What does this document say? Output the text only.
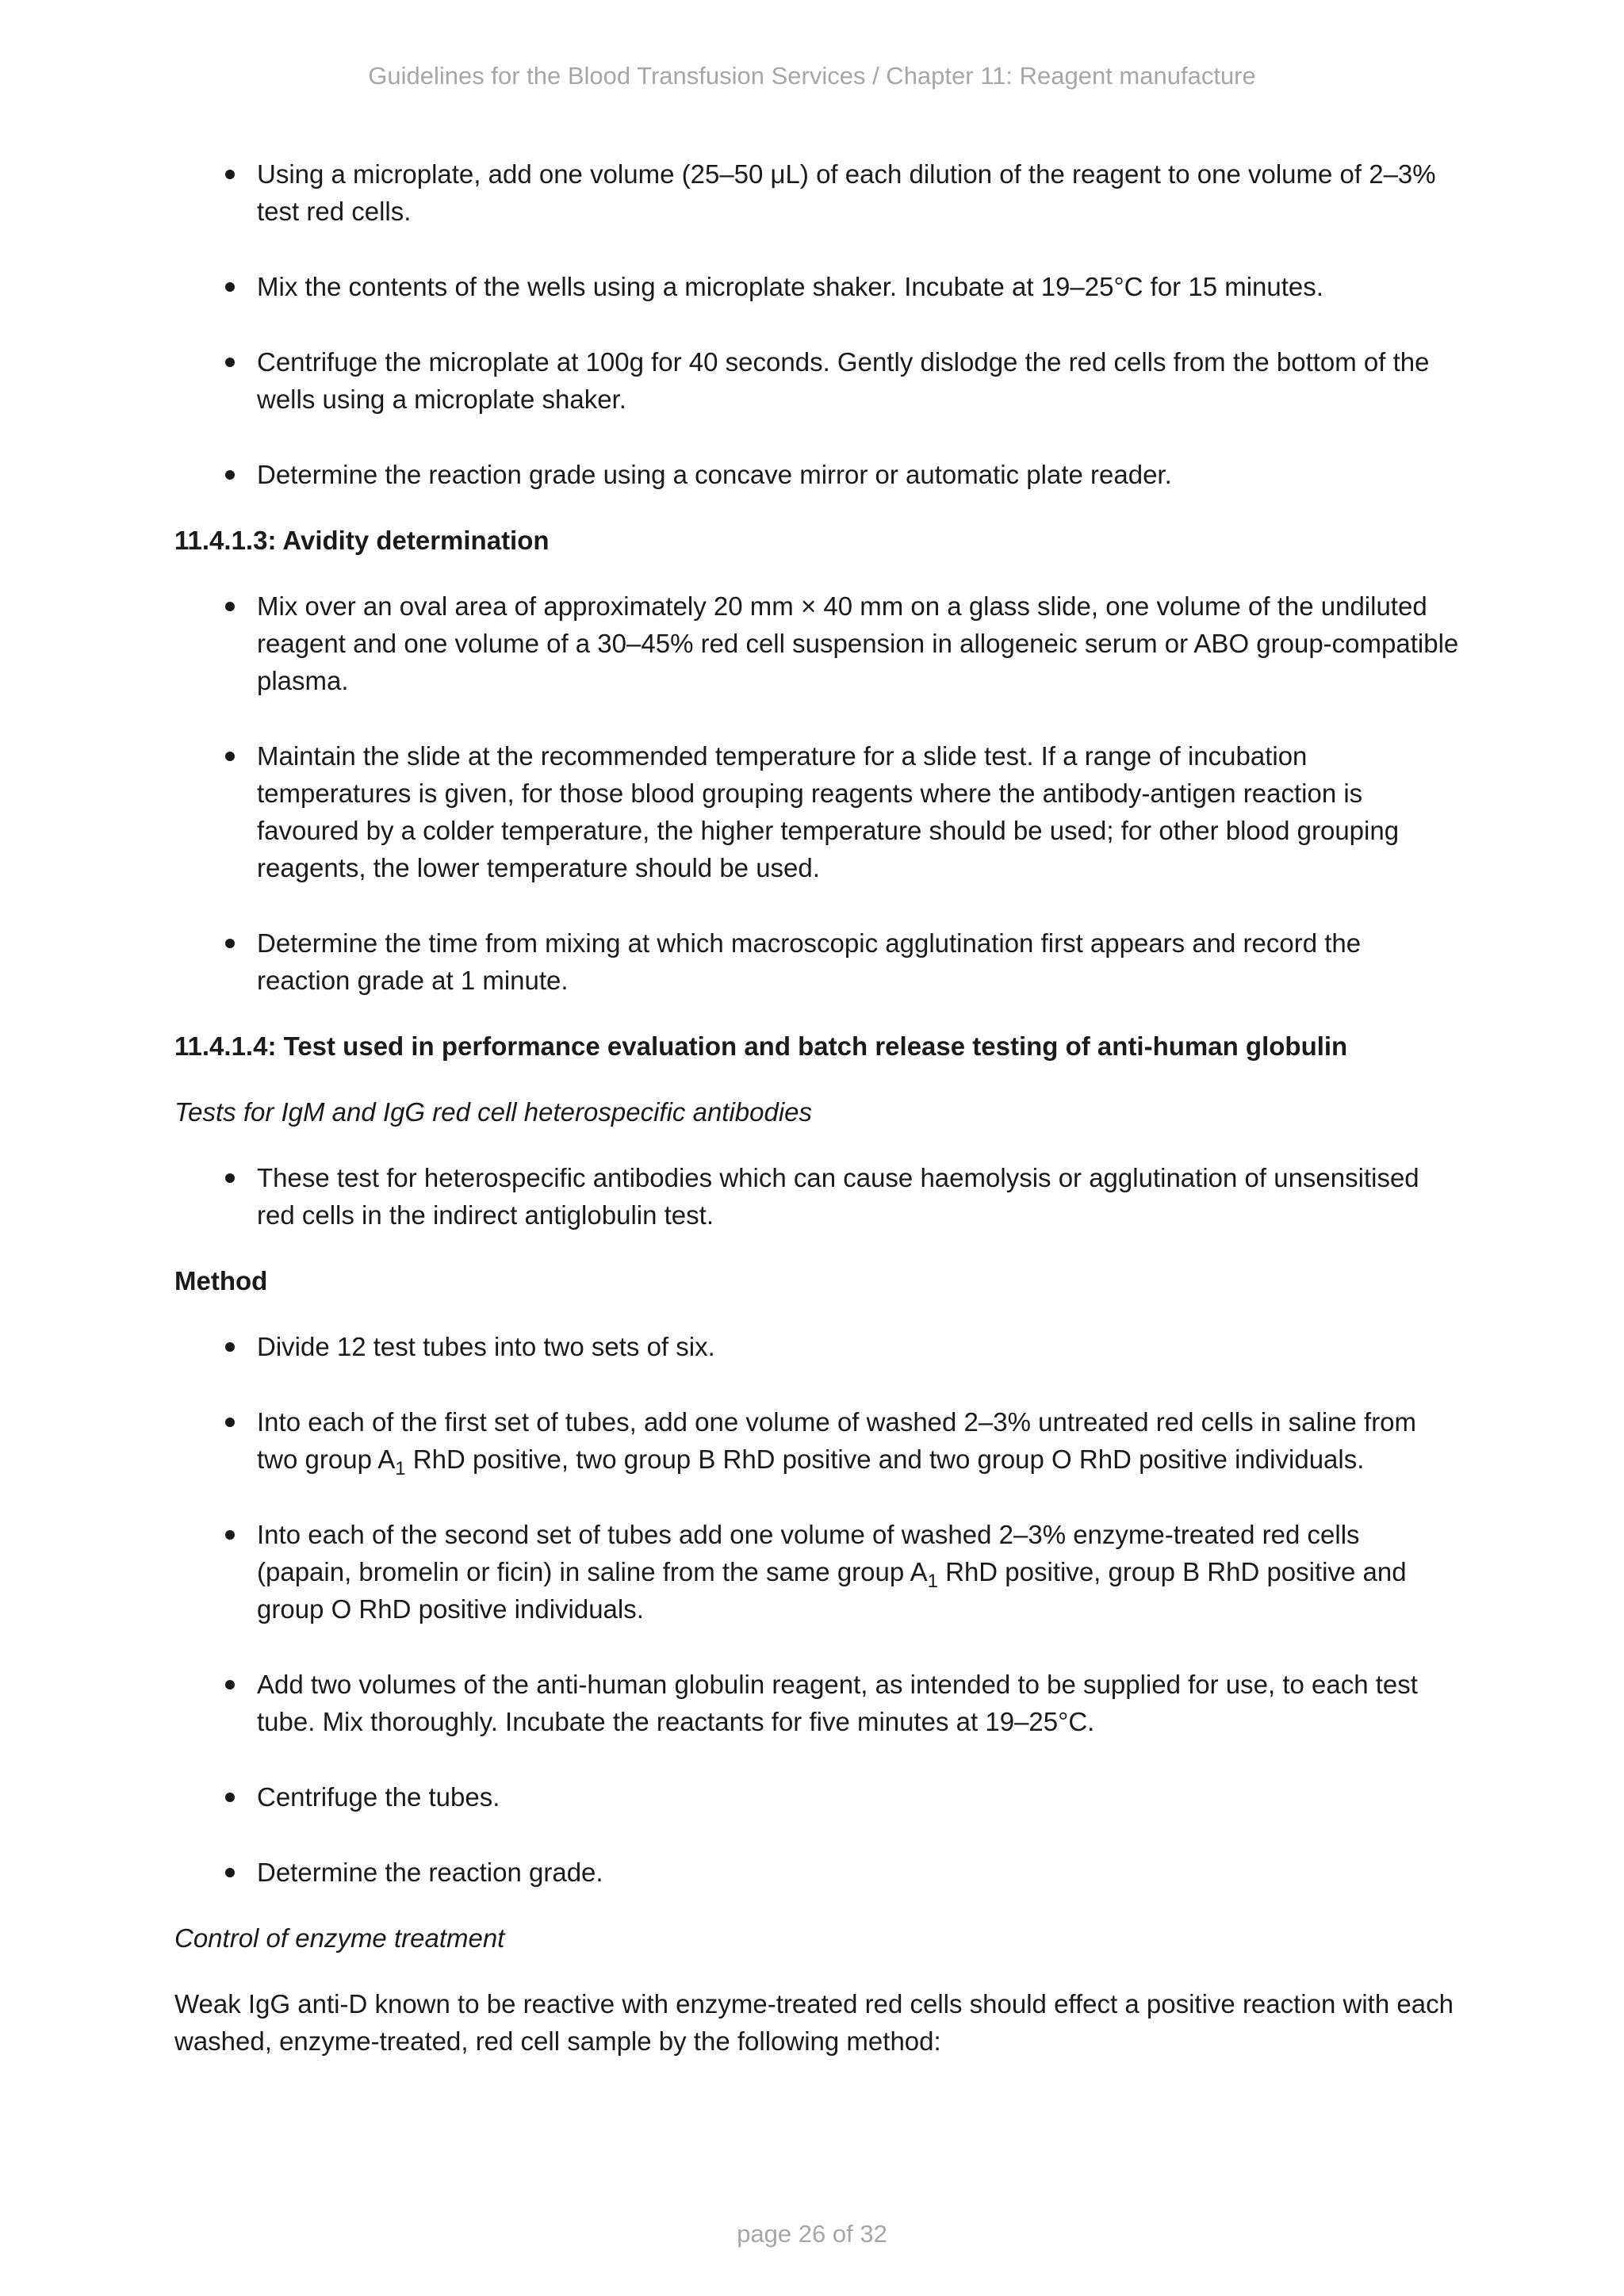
Guidelines for the Blood Transfusion Services / Chapter 11: Reagent manufacture
Using a microplate, add one volume (25–50 μL) of each dilution of the reagent to one volume of 2–3% test red cells.
Mix the contents of the wells using a microplate shaker. Incubate at 19–25°C for 15 minutes.
Centrifuge the microplate at 100g for 40 seconds. Gently dislodge the red cells from the bottom of the wells using a microplate shaker.
Determine the reaction grade using a concave mirror or automatic plate reader.
11.4.1.3: Avidity determination
Mix over an oval area of approximately 20 mm × 40 mm on a glass slide, one volume of the undiluted reagent and one volume of a 30–45% red cell suspension in allogeneic serum or ABO group-compatible plasma.
Maintain the slide at the recommended temperature for a slide test. If a range of incubation temperatures is given, for those blood grouping reagents where the antibody-antigen reaction is favoured by a colder temperature, the higher temperature should be used; for other blood grouping reagents, the lower temperature should be used.
Determine the time from mixing at which macroscopic agglutination first appears and record the reaction grade at 1 minute.
11.4.1.4: Test used in performance evaluation and batch release testing of anti-human globulin

Tests for IgM and IgG red cell heterospecific antibodies

These test for heterospecific antibodies which can cause haemolysis or agglutination of unsensitised red cells in the indirect antiglobulin test.
Method
Divide 12 test tubes into two sets of six.
Into each of the first set of tubes, add one volume of washed 2–3% untreated red cells in saline from two group $A_1$ RhD positive, two group B RhD positive and two group O RhD positive individuals.
Into each of the second set of tubes add one volume of washed 2–3% enzyme-treated red cells (papain, bromelin or ficin) in saline from the same group $A_1$ RhD positive, group B RhD positive and group O RhD positive individuals.
Add two volumes of the anti-human globulin reagent, as intended to be supplied for use, to each test tube. Mix thoroughly. Incubate the reactants for five minutes at 19–25°C.
Centrifuge the tubes.
Determine the reaction grade.

Control of enzyme treatment

Weak IgG anti-D known to be reactive with enzyme-treated red cells should effect a positive reaction with each washed, enzyme-treated, red cell sample by the following method:

page 26 of 32
